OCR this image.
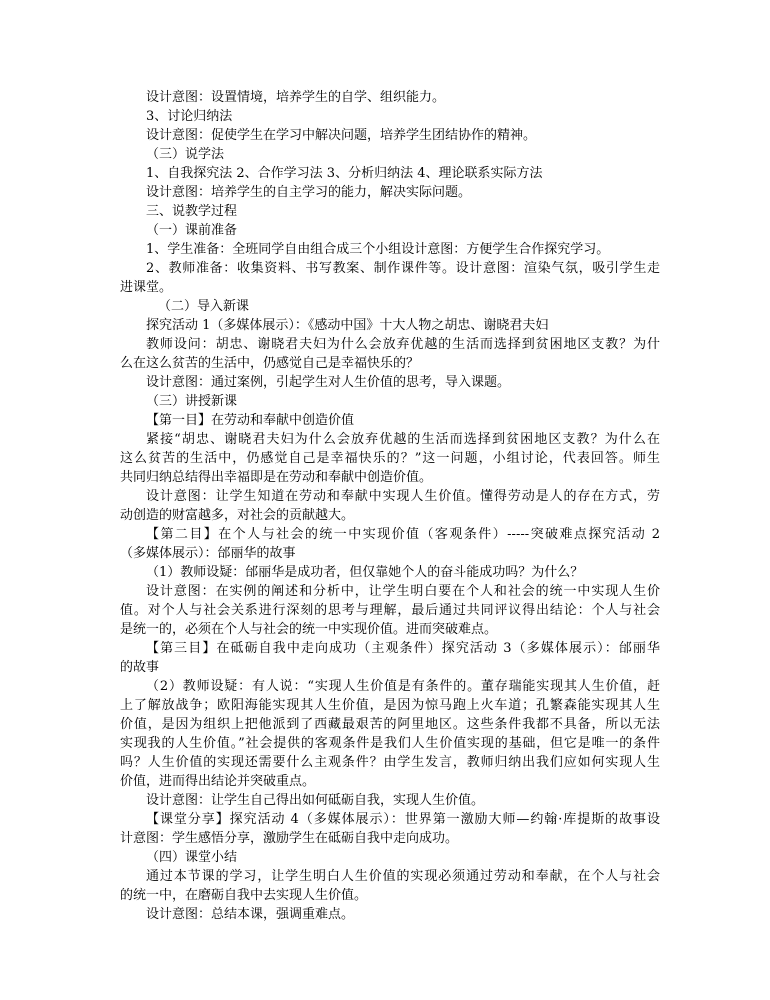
设计意图：设置情境，培养学生的自学、组织能力。
3、讨论归纳法
设计意图：促使学生在学习中解决问题，培养学生团结协作的精神。
（三）说学法
1、自我探究法 2、合作学习法 3、分析归纳法 4、理论联系实际方法
设计意图：培养学生的自主学习的能力，解决实际问题。
三、说教学过程
（一）课前准备
1、学生准备：全班同学自由组合成三个小组设计意图：方便学生合作探究学习。
2、教师准备：收集资料、书写教案、制作课件等。设计意图：渲染气氛，吸引学生走
进课堂。
（二）导入新课
探究活动 1（多媒体展示）：《感动中国》十大人物之胡忠、谢晓君夫妇
教师设问：胡忠、谢晓君夫妇为什么会放弃优越的生活而选择到贫困地区支教？为什
么在这么贫苦的生活中，仍感觉自己是幸福快乐的？
设计意图：通过案例，引起学生对人生价值的思考，导入课题。
（三）讲授新课
【第一目】在劳动和奉献中创造价值
紧接“胡忠、谢晓君夫妇为什么会放弃优越的生活而选择到贫困地区支教？为什么在
这么贫苦的生活中，仍感觉自己是幸福快乐的？”这一问题，小组讨论，代表回答。师生
共同归纳总结得出幸福即是在劳动和奉献中创造价值。
设计意图：让学生知道在劳动和奉献中实现人生价值。懂得劳动是人的存在方式，劳
动创造的财富越多，对社会的贡献越大。
【第二目】在个人与社会的统一中实现价值（客观条件）-----突破难点探究活动 2
（多媒体展示）：邰丽华的故事
（1）教师设疑：邰丽华是成功者，但仅靠她个人的奋斗能成功吗？为什么？
设计意图：在实例的阐述和分析中，让学生明白要在个人和社会的统一中实现人生价
值。对个人与社会关系进行深刻的思考与理解，最后通过共同评议得出结论：个人与社会
是统一的，必须在个人与社会的统一中实现价值。进而突破难点。
【第三目】在砥砺自我中走向成功（主观条件）探究活动 3（多媒体展示）：邰丽华
的故事
（2）教师设疑：有人说：“实现人生价值是有条件的。董存瑞能实现其人生价值，赶
上了解放战争；欧阳海能实现其人生价值，是因为惊马跑上火车道；孔繁森能实现其人生
价值，是因为组织上把他派到了西藏最艰苦的阿里地区。这些条件我都不具备，所以无法
实现我的人生价值。”社会提供的客观条件是我们人生价值实现的基础，但它是唯一的条件
吗？人生价值的实现还需要什么主观条件？由学生发言，教师归纳出我们应如何实现人生
价值，进而得出结论并突破重点。
设计意图：让学生自己得出如何砥砺自我，实现人生价值。
【课堂分享】探究活动 4（多媒体展示）：世界第一激励大师—约翰·库提斯的故事设
计意图：学生感悟分享，激励学生在砥砺自我中走向成功。
（四）课堂小结
通过本节课的学习，让学生明白人生价值的实现必须通过劳动和奉献，在个人与社会
的统一中，在磨砺自我中去实现人生价值。
设计意图：总结本课，强调重难点。
